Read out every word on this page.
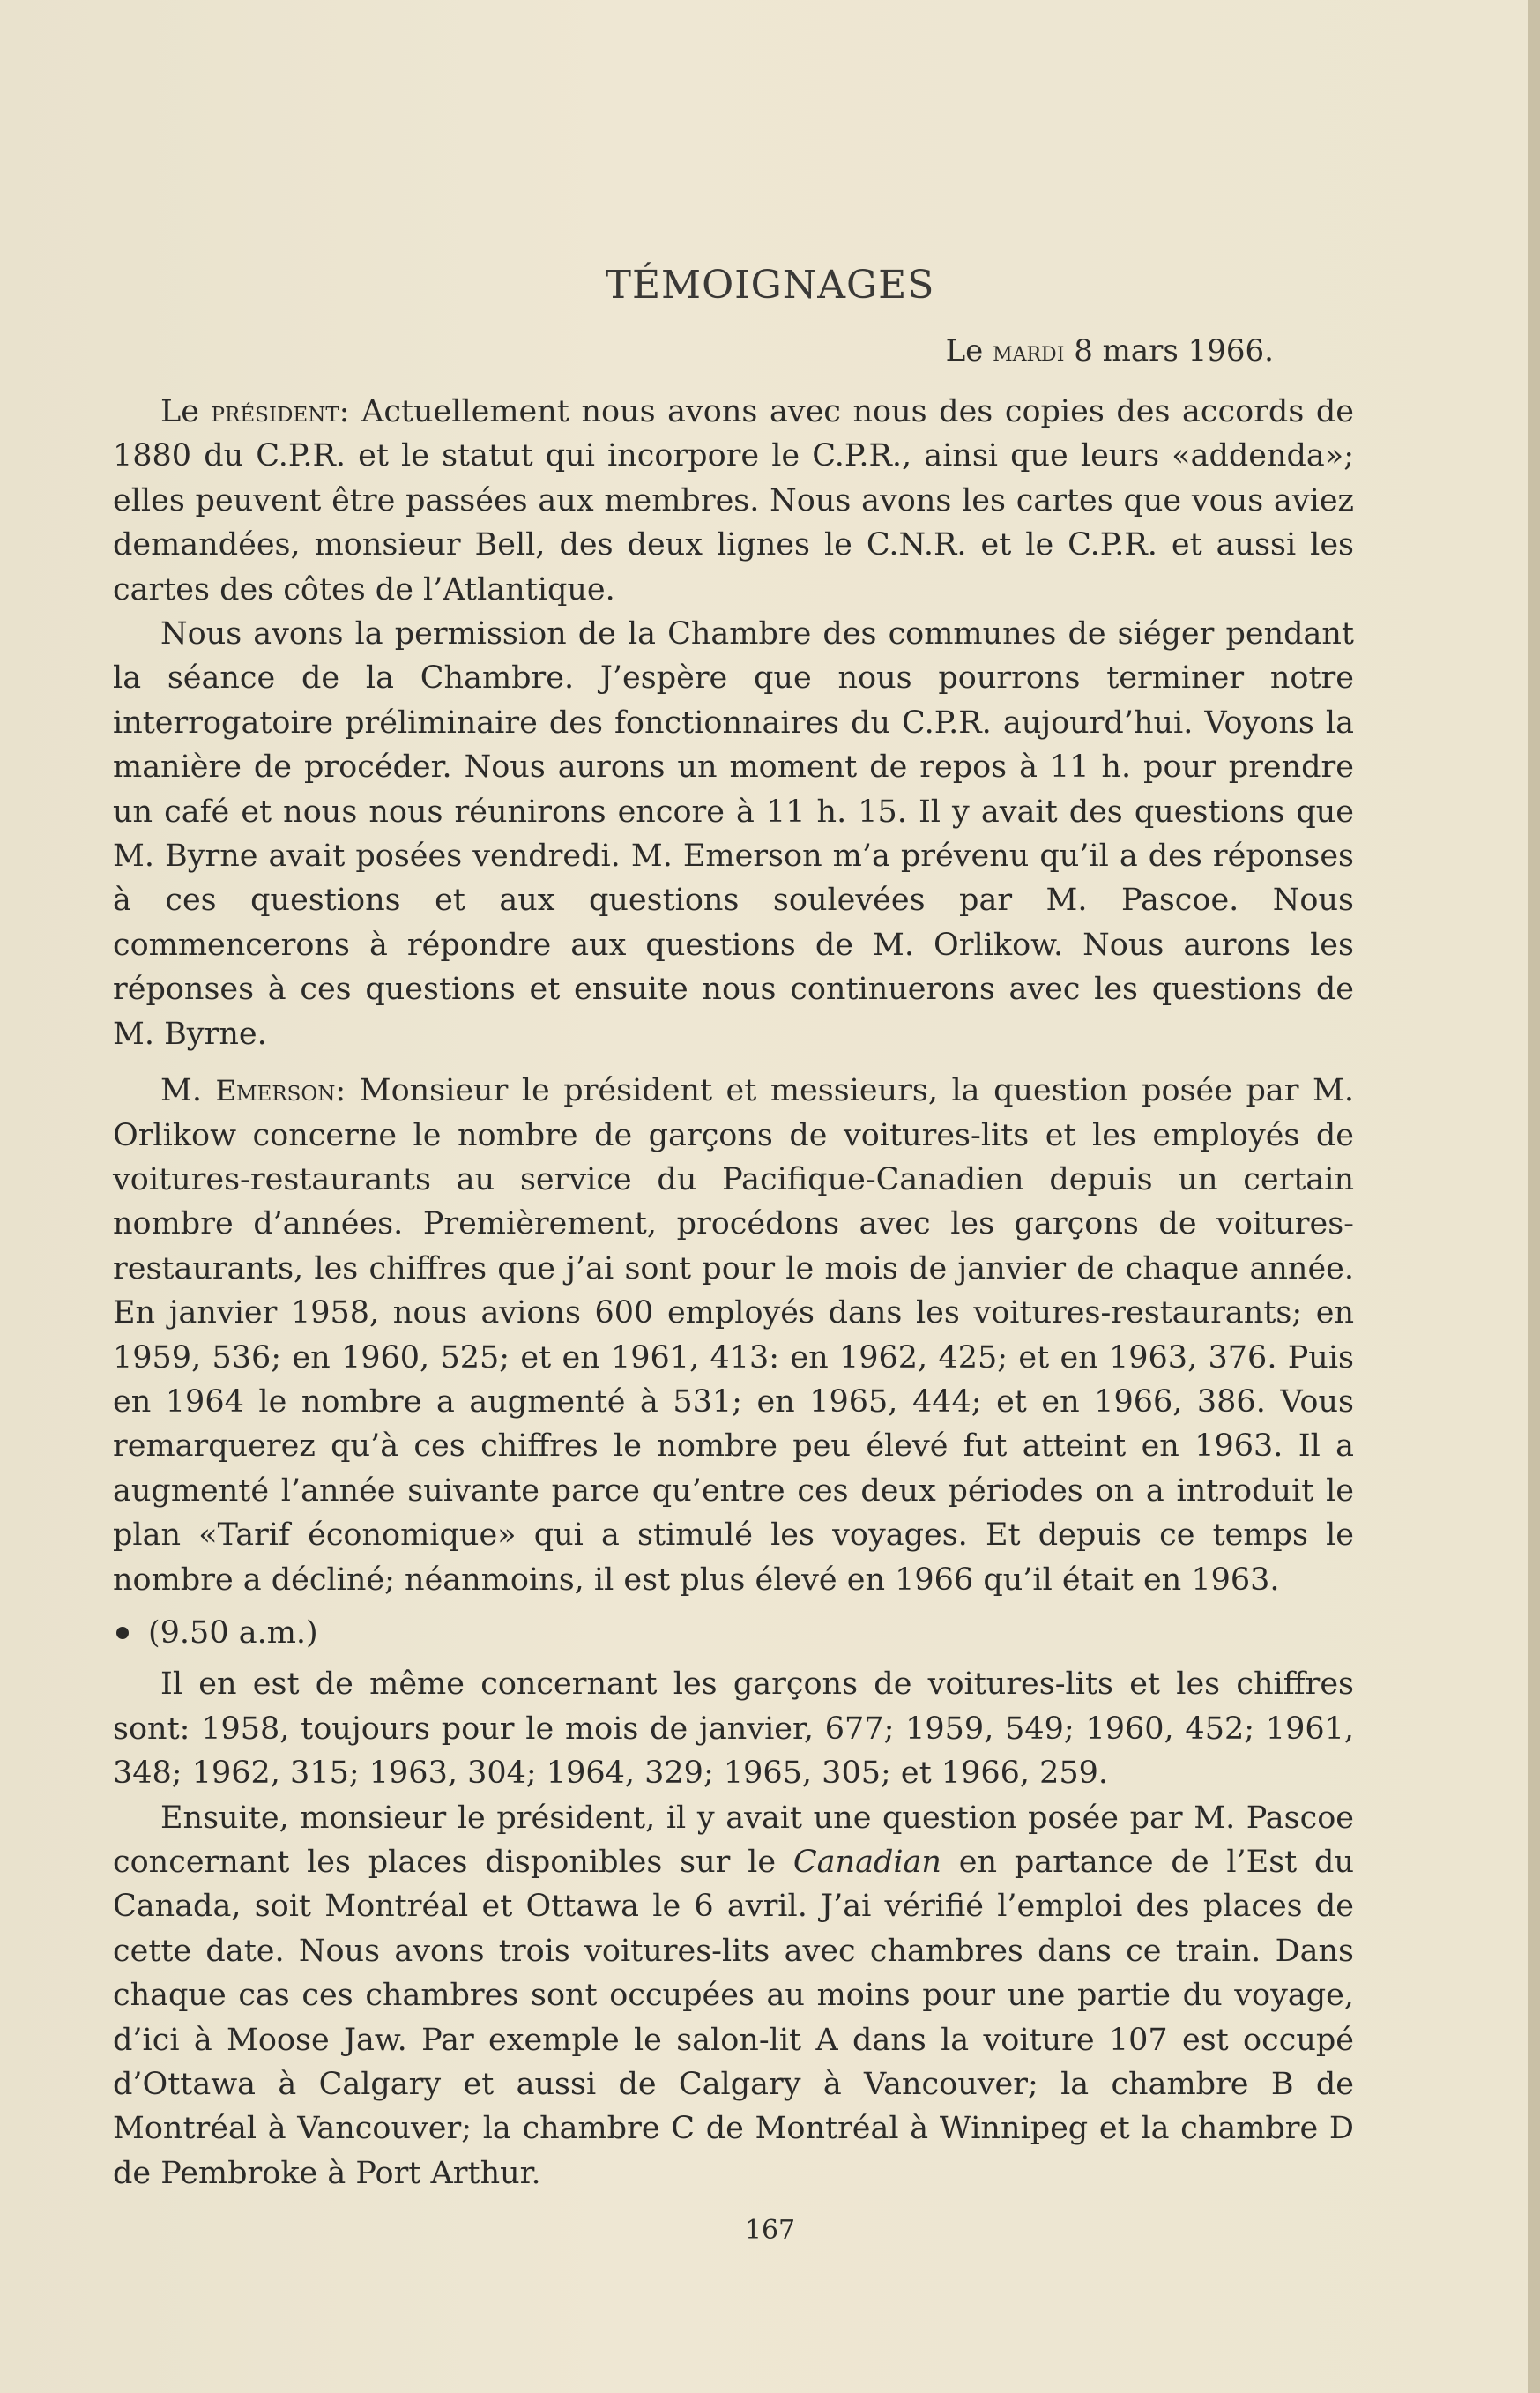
TÉMOIGNAGES
Le mardi 8 mars 1966.

Le président: Actuellement nous avons avec nous des copies des accords de 1880 du C.P.R. et le statut qui incorpore le C.P.R., ainsi que leurs «addenda»; elles peuvent être passées aux membres. Nous avons les cartes que vous aviez demandées, monsieur Bell, des deux lignes le C.N.R. et le C.P.R. et aussi les cartes des côtes de l’Atlantique.

Nous avons la permission de la Chambre des communes de siéger pendant la séance de la Chambre. J’espère que nous pourrons terminer notre interrogatoire préliminaire des fonctionnaires du C.P.R. aujourd’hui. Voyons la manière de procéder. Nous aurons un moment de repos à 11 h. pour prendre un café et nous nous réunirons encore à 11 h. 15. Il y avait des questions que M. Byrne avait posées vendredi. M. Emerson m’a prévenu qu’il a des réponses à ces questions et aux questions soulevées par M. Pascoe. Nous commencerons à répondre aux questions de M. Orlikow. Nous aurons les réponses à ces questions et ensuite nous continuerons avec les questions de M. Byrne.

M. Emerson: Monsieur le président et messieurs, la question posée par M. Orlikow concerne le nombre de garçons de voitures-lits et les employés de voitures-restaurants au service du Pacifique-Canadien depuis un certain nombre d’années. Premièrement, procédons avec les garçons de voitures-restaurants, les chiffres que j’ai sont pour le mois de janvier de chaque année. En janvier 1958, nous avions 600 employés dans les voitures-restaurants; en 1959, 536; en 1960, 525; et en 1961, 413: en 1962, 425; et en 1963, 376. Puis en 1964 le nombre a augmenté à 531; en 1965, 444; et en 1966, 386. Vous remarquerez qu’à ces chiffres le nombre peu élevé fut atteint en 1963. Il a augmenté l’année suivante parce qu’entre ces deux périodes on a introduit le plan «Tarif économique» qui a stimulé les voyages. Et depuis ce temps le nombre a décliné; néanmoins, il est plus élevé en 1966 qu’il était en 1963.

(9.50 a.m.)

Il en est de même concernant les garçons de voitures-lits et les chiffres sont: 1958, toujours pour le mois de janvier, 677; 1959, 549; 1960, 452; 1961, 348; 1962, 315; 1963, 304; 1964, 329; 1965, 305; et 1966, 259.

Ensuite, monsieur le président, il y avait une question posée par M. Pascoe concernant les places disponibles sur le Canadian en partance de l’Est du Canada, soit Montréal et Ottawa le 6 avril. J’ai vérifié l’emploi des places de cette date. Nous avons trois voitures-lits avec chambres dans ce train. Dans chaque cas ces chambres sont occupées au moins pour une partie du voyage, d’ici à Moose Jaw. Par exemple le salon-lit A dans la voiture 107 est occupé d’Ottawa à Calgary et aussi de Calgary à Vancouver; la chambre B de Montréal à Vancouver; la chambre C de Montréal à Winnipeg et la chambre D de Pembroke à Port Arthur.

167
